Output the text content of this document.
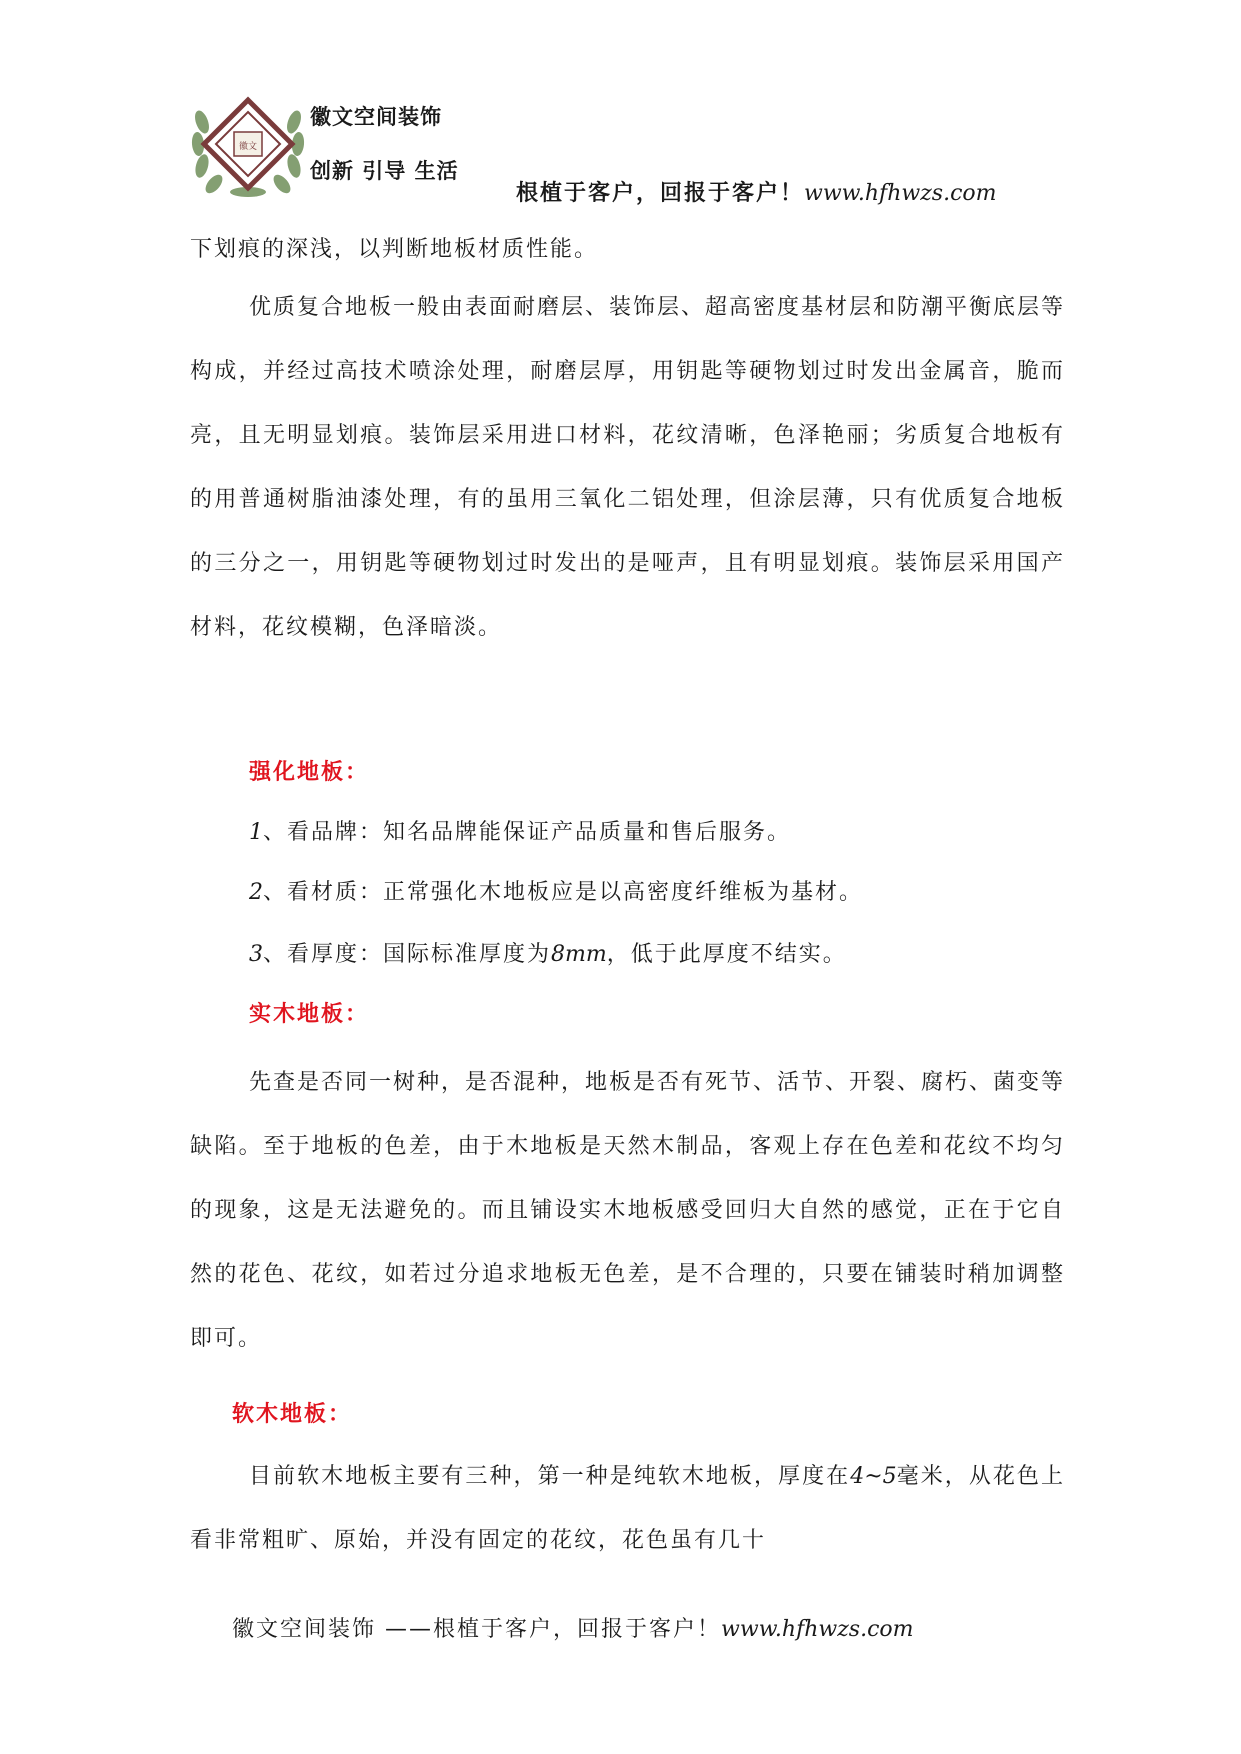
徽文
徽文空间装饰
创新 引导 生活
根植于客户，回报于客户！www.hfhwzs.com

下划痕的深浅，以判断地板材质性能。

优质复合地板一般由表面耐磨层、装饰层、超高密度基材层和防潮平衡底层等构成，并经过高技术喷涂处理，耐磨层厚，用钥匙等硬物划过时发出金属音，脆而亮，且无明显划痕。装饰层采用进口材料，花纹清晰，色泽艳丽；劣质复合地板有的用普通树脂油漆处理，有的虽用三氧化二铝处理，但涂层薄，只有优质复合地板的三分之一，用钥匙等硬物划过时发出的是哑声，且有明显划痕。装饰层采用国产材料，花纹模糊，色泽暗淡。

强化地板：

1、看品牌：知名品牌能保证产品质量和售后服务。

2、看材质：正常强化木地板应是以高密度纤维板为基材。

3、看厚度：国际标准厚度为8mm，低于此厚度不结实。

实木地板：

先查是否同一树种，是否混种，地板是否有死节、活节、开裂、腐朽、菌变等缺陷。至于地板的色差，由于木地板是天然木制品，客观上存在色差和花纹不均匀的现象，这是无法避免的。而且铺设实木地板感受回归大自然的感觉，正在于它自然的花色、花纹，如若过分追求地板无色差，是不合理的，只要在铺装时稍加调整即可。

软木地板：

目前软木地板主要有三种，第一种是纯软木地板，厚度在4~5毫米，从花色上看非常粗旷、原始，并没有固定的花纹，花色虽有几十

徽文空间装饰 ——根植于客户，回报于客户！www.hfhwzs.com
